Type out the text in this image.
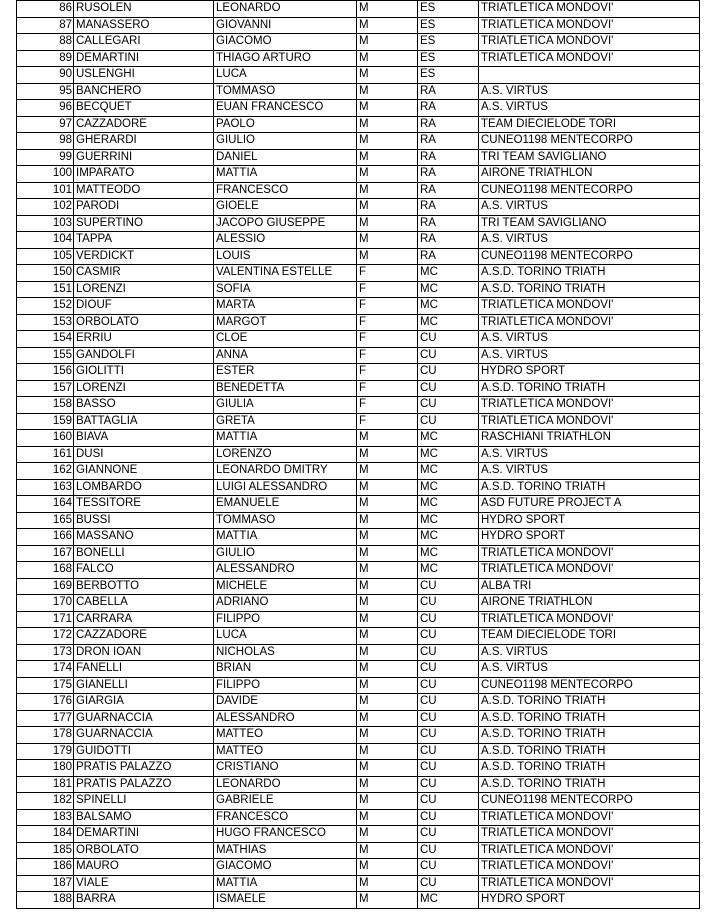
86	RUSOLEN	LEONARDO	M	ES	TRIATLETICA MONDOVI'
87	MANASSERO	GIOVANNI	M	ES	TRIATLETICA MONDOVI'
88	CALLEGARI	GIACOMO	M	ES	TRIATLETICA MONDOVI'
89	DEMARTINI	THIAGO ARTURO	M	ES	TRIATLETICA MONDOVI'
90	USLENGHI	LUCA	M	ES	
95	BANCHERO	TOMMASO	M	RA	A.S. VIRTUS
96	BECQUET	EUAN FRANCESCO	M	RA	A.S. VIRTUS
97	CAZZADORE	PAOLO	M	RA	TEAM DIECIELODE TORI
98	GHERARDI	GIULIO	M	RA	CUNEO1198 MENTECORPO
99	GUERRINI	DANIEL	M	RA	TRI TEAM SAVIGLIANO
100	IMPARATO	MATTIA	M	RA	AIRONE TRIATHLON
101	MATTEODO	FRANCESCO	M	RA	CUNEO1198 MENTECORPO
102	PARODI	GIOELE	M	RA	A.S. VIRTUS
103	SUPERTINO	JACOPO GIUSEPPE	M	RA	TRI TEAM SAVIGLIANO
104	TAPPA	ALESSIO	M	RA	A.S. VIRTUS
105	VERDICKT	LOUIS	M	RA	CUNEO1198 MENTECORPO
150	CASMIR	VALENTINA ESTELLE	F	MC	A.S.D. TORINO TRIATH
151	LORENZI	SOFIA	F	MC	A.S.D. TORINO TRIATH
152	DIOUF	MARTA	F	MC	TRIATLETICA MONDOVI'
153	ORBOLATO	MARGOT	F	MC	TRIATLETICA MONDOVI'
154	ERRIU	CLOE	F	CU	A.S. VIRTUS
155	GANDOLFI	ANNA	F	CU	A.S. VIRTUS
156	GIOLITTI	ESTER	F	CU	HYDRO SPORT
157	LORENZI	BENEDETTA	F	CU	A.S.D. TORINO TRIATH
158	BASSO	GIULIA	F	CU	TRIATLETICA MONDOVI'
159	BATTAGLIA	GRETA	F	CU	TRIATLETICA MONDOVI'
160	BIAVA	MATTIA	M	MC	RASCHIANI TRIATHLON
161	DUSI	LORENZO	M	MC	A.S. VIRTUS
162	GIANNONE	LEONARDO DMITRY	M	MC	A.S. VIRTUS
163	LOMBARDO	LUIGI ALESSANDRO	M	MC	A.S.D. TORINO TRIATH
164	TESSITORE	EMANUELE	M	MC	ASD FUTURE PROJECT A
165	BUSSI	TOMMASO	M	MC	HYDRO SPORT
166	MASSANO	MATTIA	M	MC	HYDRO SPORT
167	BONELLI	GIULIO	M	MC	TRIATLETICA MONDOVI'
168	FALCO	ALESSANDRO	M	MC	TRIATLETICA MONDOVI'
169	BERBOTTO	MICHELE	M	CU	ALBA TRI
170	CABELLA	ADRIANO	M	CU	AIRONE TRIATHLON
171	CARRARA	FILIPPO	M	CU	TRIATLETICA MONDOVI'
172	CAZZADORE	LUCA	M	CU	TEAM DIECIELODE TORI
173	DRON IOAN	NICHOLAS	M	CU	A.S. VIRTUS
174	FANELLI	BRIAN	M	CU	A.S. VIRTUS
175	GIANELLI	FILIPPO	M	CU	CUNEO1198 MENTECORPO
176	GIARGIA	DAVIDE	M	CU	A.S.D. TORINO TRIATH
177	GUARNACCIA	ALESSANDRO	M	CU	A.S.D. TORINO TRIATH
178	GUARNACCIA	MATTEO	M	CU	A.S.D. TORINO TRIATH
179	GUIDOTTI	MATTEO	M	CU	A.S.D. TORINO TRIATH
180	PRATIS PALAZZO	CRISTIANO	M	CU	A.S.D. TORINO TRIATH
181	PRATIS PALAZZO	LEONARDO	M	CU	A.S.D. TORINO TRIATH
182	SPINELLI	GABRIELE	M	CU	CUNEO1198 MENTECORPO
183	BALSAMO	FRANCESCO	M	CU	TRIATLETICA MONDOVI'
184	DEMARTINI	HUGO FRANCESCO	M	CU	TRIATLETICA MONDOVI'
185	ORBOLATO	MATHIAS	M	CU	TRIATLETICA MONDOVI'
186	MAURO	GIACOMO	M	CU	TRIATLETICA MONDOVI'
187	VIALE	MATTIA	M	CU	TRIATLETICA MONDOVI'
188	BARRA	ISMAELE	M	MC	HYDRO SPORT
